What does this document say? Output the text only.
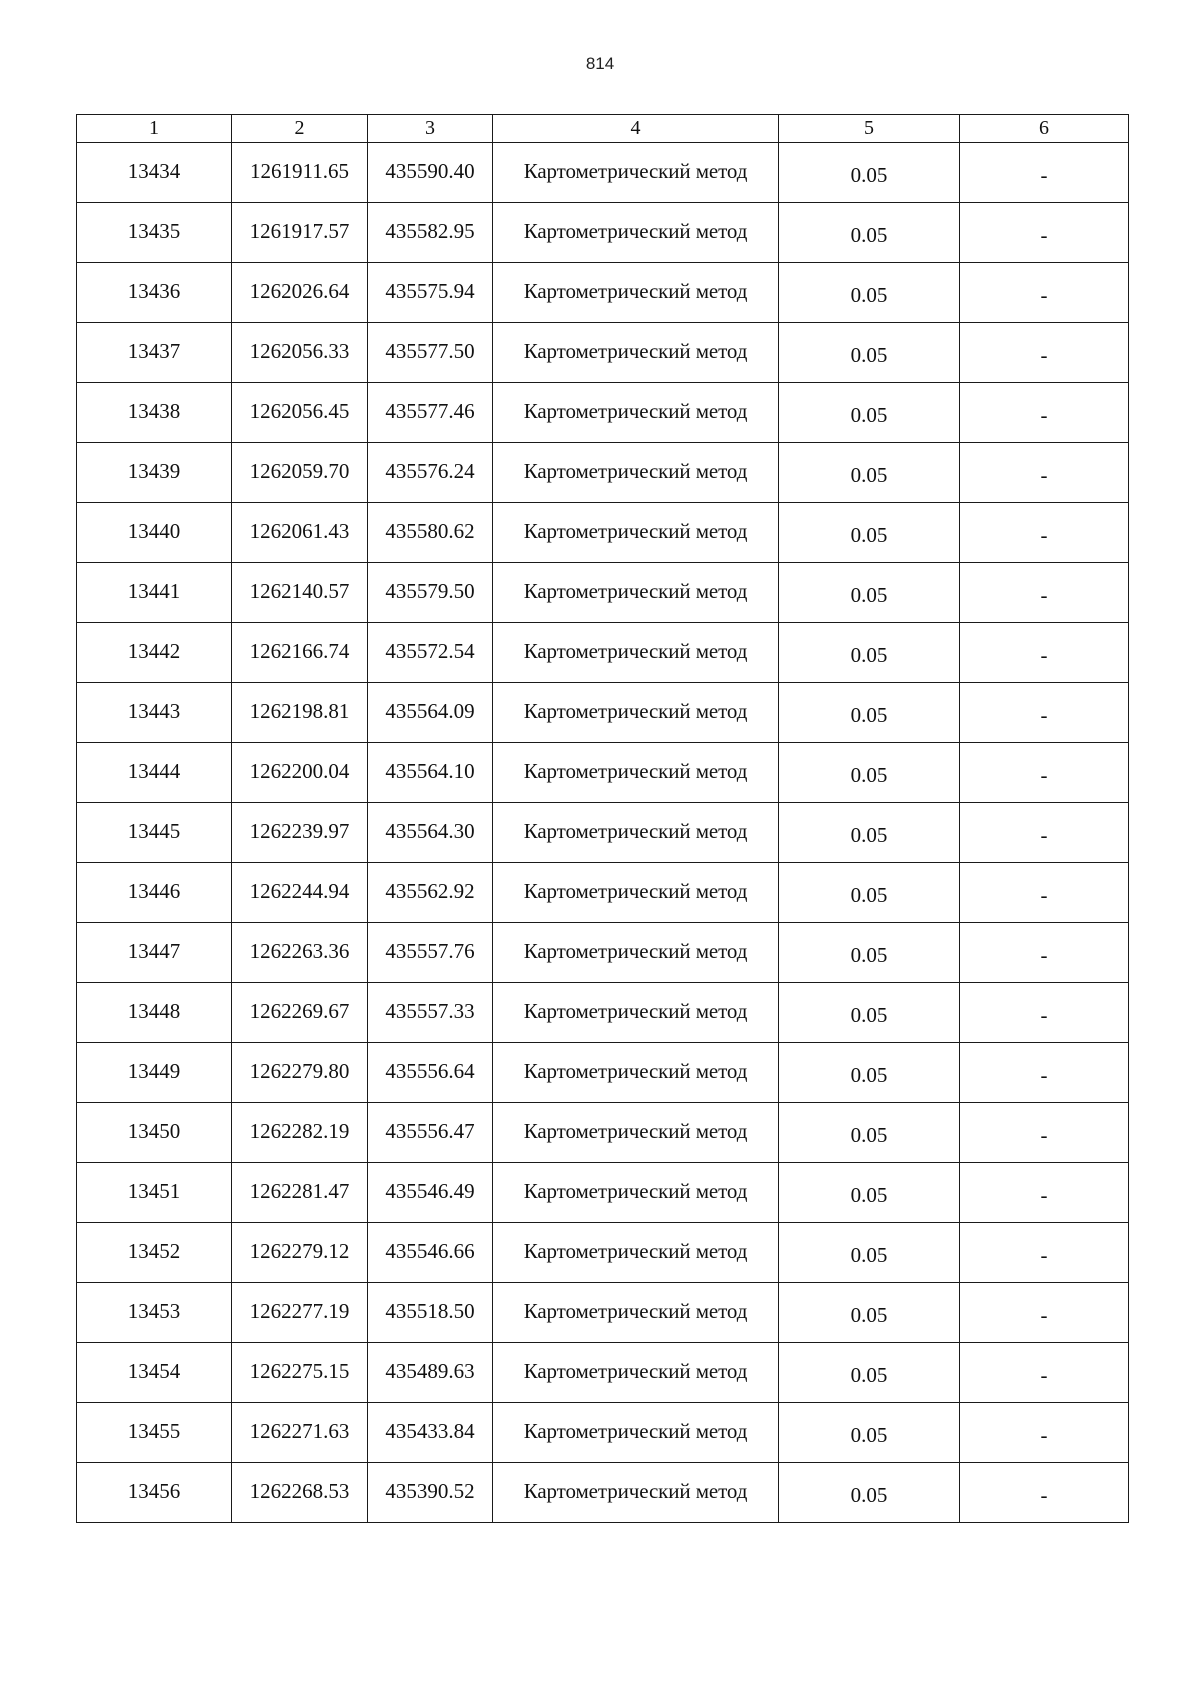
814
1	2	3	4	5	6
13434	1261911.65	435590.40	Картометрический метод	0.05	-
13435	1261917.57	435582.95	Картометрический метод	0.05	-
13436	1262026.64	435575.94	Картометрический метод	0.05	-
13437	1262056.33	435577.50	Картометрический метод	0.05	-
13438	1262056.45	435577.46	Картометрический метод	0.05	-
13439	1262059.70	435576.24	Картометрический метод	0.05	-
13440	1262061.43	435580.62	Картометрический метод	0.05	-
13441	1262140.57	435579.50	Картометрический метод	0.05	-
13442	1262166.74	435572.54	Картометрический метод	0.05	-
13443	1262198.81	435564.09	Картометрический метод	0.05	-
13444	1262200.04	435564.10	Картометрический метод	0.05	-
13445	1262239.97	435564.30	Картометрический метод	0.05	-
13446	1262244.94	435562.92	Картометрический метод	0.05	-
13447	1262263.36	435557.76	Картометрический метод	0.05	-
13448	1262269.67	435557.33	Картометрический метод	0.05	-
13449	1262279.80	435556.64	Картометрический метод	0.05	-
13450	1262282.19	435556.47	Картометрический метод	0.05	-
13451	1262281.47	435546.49	Картометрический метод	0.05	-
13452	1262279.12	435546.66	Картометрический метод	0.05	-
13453	1262277.19	435518.50	Картометрический метод	0.05	-
13454	1262275.15	435489.63	Картометрический метод	0.05	-
13455	1262271.63	435433.84	Картометрический метод	0.05	-
13456	1262268.53	435390.52	Картометрический метод	0.05	-
